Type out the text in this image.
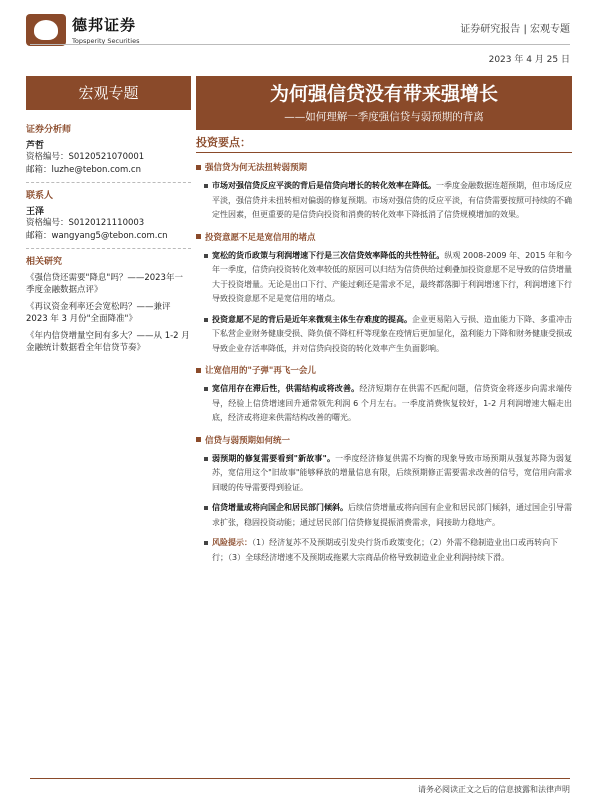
德邦证券
Topsperity Securities
证券研究报告 | 宏观专题
2023 年 4 月 25 日
宏观专题	为何强信贷没有带来强增长
——如何理解一季度强信贷与弱预期的背离
证券分析师
芦哲
资格编号：S0120521070001
邮箱：luzhe@tebon.com.cn
联系人
王泽
资格编号：S0120121110003
邮箱：wangyang5@tebon.com.cn
相关研究
《强信贷还需要"降息"吗？——2023年一季度金融数据点评》
《再议资金利率还会宽松吗？——兼评 2023 年 3 月份"全面降准"》
《年内信贷增量空间有多大？——从 1-2 月金融统计数据看全年信贷节奏》
投资要点：
强信贷为何无法扭转弱预期
市场对强信贷反应平淡的背后是信贷向增长的转化效率在降低。一季度金融数据连超预期，但市场反应平淡，强信贷并未扭转相对偏弱的修复预期。市场对强信贷的反应平淡，有信贷需要按照可持续的不确定性因素，但更重要的是信贷向投资和消费的转化效率下降抵消了信贷规模增加的效果。
投资意愿不足是宽信用的堵点
宽松的货币政策与利润增速下行是三次信贷效率降低的共性特征。纵观 2008-2009 年、2015 年和今年一季度，信贷向投资转化效率较低的原因可以归结为信贷供给过剩叠加投资意愿不足导致的信贷增量大于投资增量。无论是出口下行、产能过剩还是需求不足，最终都落脚于利润增速下行，利润增速下行导致投资意愿不足是宽信用的堵点。
投资意愿不足的背后是近年来微观主体生存难度的提高。企业更易陷入亏损、造血能力下降、多重冲击下私营企业财务健康受损、降负债不降杠杆等现象在疫情后更加显化，盈利能力下降和财务健康受损或导致企业存活率降低，并对信贷向投资的转化效率产生负面影响。
让宽信用的"子弹"再飞一会儿
宽信用存在滞后性，供需结构或将改善。经济短期存在供需不匹配问题，信贷资金将逐步向需求端传导，经验上信贷增速回升通常领先利润 6 个月左右。一季度消费恢复较好，1-2 月利润增速大幅走出底，经济或将迎来供需结构改善的曙光。
信贷与弱预期如何统一
弱预期的修复需要看到"新故事"。一季度经济修复供需不均衡的现象导致市场预期从强复苏降为弱复苏，宽信用这个"旧故事"能够释放的增量信息有限，后续预期修正需要需求改善的信号，宽信用向需求回暖的传导需要得到验证。
信贷增量或将向国企和居民部门倾斜。后续信贷增量或将向国有企业和居民部门倾斜，通过国企引导需求扩张，稳固投资动能；通过居民部门信贷修复提振消费需求，间接助力稳地产。
风险提示：（1）经济复苏不及预期或引发央行货币政策变化；（2）外需不稳制造业出口或再转向下行；（3）全球经济增速不及预期或拖累大宗商品价格导致制造业企业利润持续下滑。
请务必阅读正文之后的信息披露和法律声明
